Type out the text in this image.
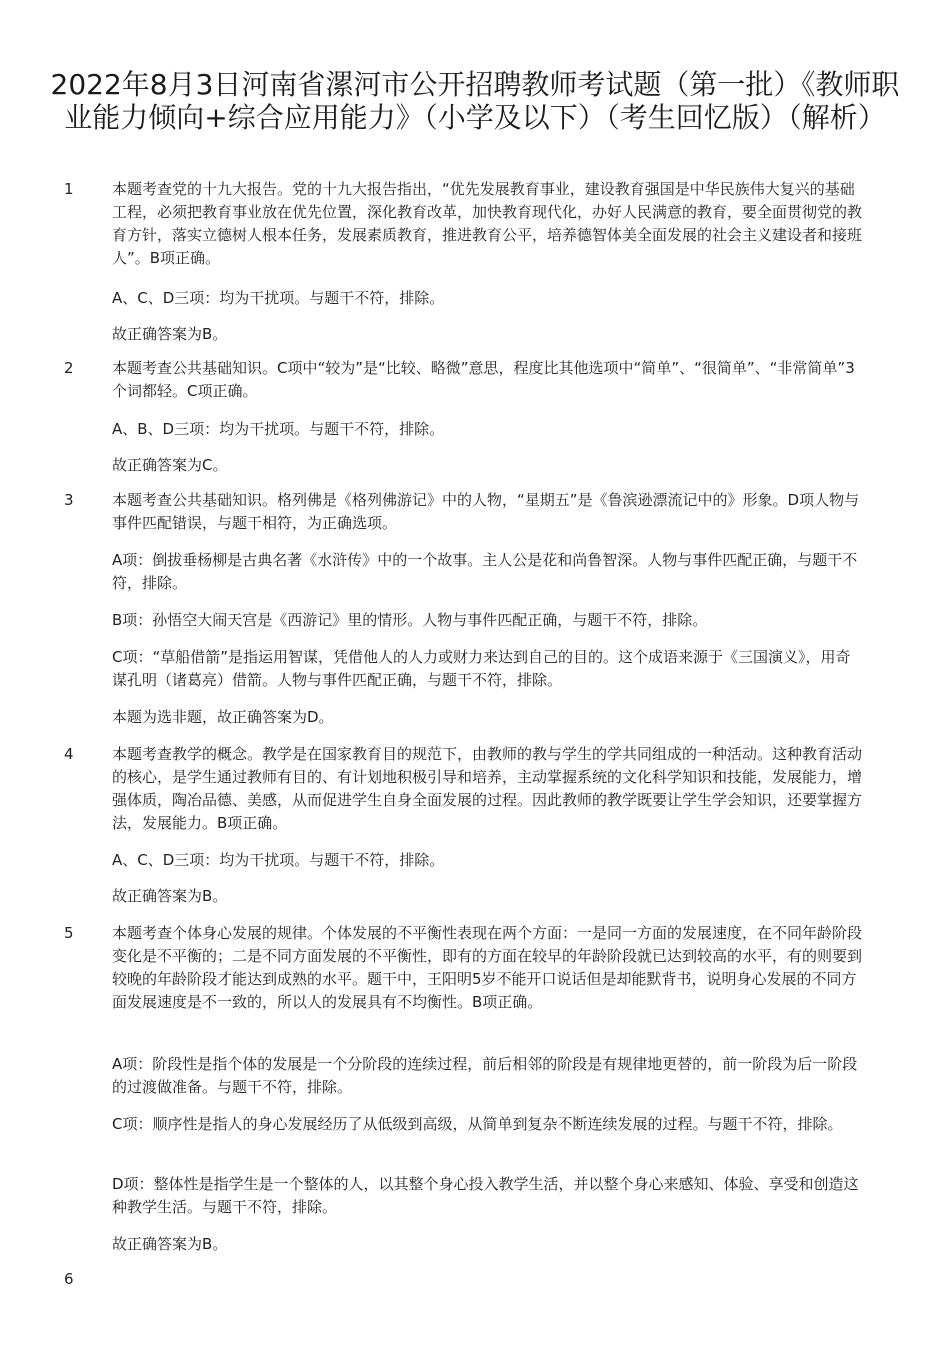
2022年8月3日河南省漯河市公开招聘教师考试题（第一批）《教师职业能力倾向+综合应用能力》（小学及以下）（考生回忆版）（解析）
1	本题考查党的十九大报告。党的十九大报告指出，“优先发展教育事业，建设教育强国是中华民族伟大复兴的基础工程，必须把教育事业放在优先位置，深化教育改革，加快教育现代化，办好人民满意的教育，要全面贯彻党的教育方针，落实立德树人根本任务，发展素质教育，推进教育公平，培养德智体美全面发展的社会主义建设者和接班人”。B项正确。

A、C、D三项：均为干扰项。与题干不符，排除。

故正确答案为B。

2	本题考查公共基础知识。C项中“较为”是“比较、略微”意思，程度比其他选项中“简单”、“很简单”、“非常简单”3个词都轻。C项正确。

A、B、D三项：均为干扰项。与题干不符，排除。

故正确答案为C。

3	本题考查公共基础知识。格列佛是《格列佛游记》中的人物，“星期五”是《鲁滨逊漂流记中的》形象。D项人物与事件匹配错误，与题干相符，为正确选项。

A项：倒拔垂杨柳是古典名著《水浒传》中的一个故事。主人公是花和尚鲁智深。人物与事件匹配正确，与题干不符，排除。

B项：孙悟空大闹天宫是《西游记》里的情形。人物与事件匹配正确，与题干不符，排除。

C项：“草船借箭”是指运用智谋，凭借他人的人力或财力来达到自己的目的。这个成语来源于《三国演义》，用奇谋孔明（诸葛亮）借箭。人物与事件匹配正确，与题干不符，排除。

本题为选非题，故正确答案为D。

4	本题考查教学的概念。教学是在国家教育目的规范下，由教师的教与学生的学共同组成的一种活动。这种教育活动的核心，是学生通过教师有目的、有计划地积极引导和培养，主动掌握系统的文化科学知识和技能，发展能力，增强体质，陶冶品德、美感，从而促进学生自身全面发展的过程。因此教师的教学既要让学生学会知识，还要掌握方法，发展能力。B项正确。

A、C、D三项：均为干扰项。与题干不符，排除。

故正确答案为B。

5	本题考查个体身心发展的规律。个体发展的不平衡性表现在两个方面：一是同一方面的发展速度，在不同年龄阶段变化是不平衡的；二是不同方面发展的不平衡性，即有的方面在较早的年龄阶段就已达到较高的水平，有的则要到较晚的年龄阶段才能达到成熟的水平。题干中，王阳明5岁不能开口说话但是却能默背书，说明身心发展的不同方面发展速度是不一致的，所以人的发展具有不均衡性。B项正确。

A项：阶段性是指个体的发展是一个分阶段的连续过程，前后相邻的阶段是有规律地更替的，前一阶段为后一阶段的过渡做准备。与题干不符，排除。

C项：顺序性是指人的身心发展经历了从低级到高级，从简单到复杂不断连续发展的过程。与题干不符，排除。

D项：整体性是指学生是一个整体的人，以其整个身心投入教学生活，并以整个身心来感知、体验、享受和创造这种教学生活。与题干不符，排除。

故正确答案为B。

6
